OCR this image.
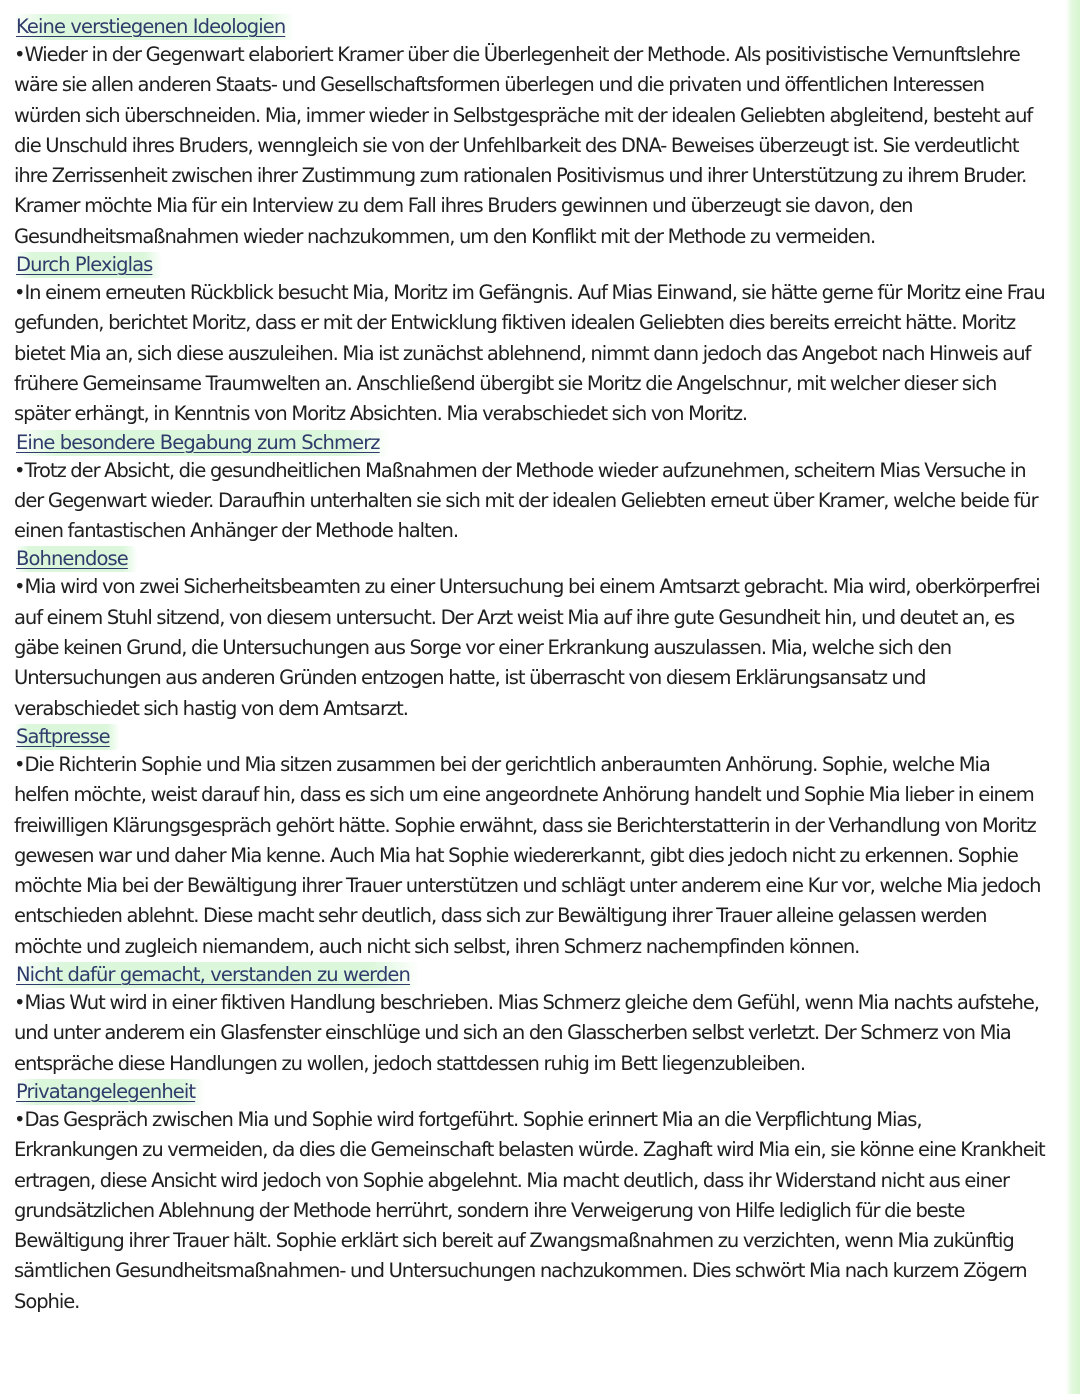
Keine verstiegenen Ideologien

•Wieder in der Gegenwart elaboriert Kramer über die Überlegenheit der Methode. Als positivistische Vernunftslehre wäre sie allen anderen Staats- und Gesellschaftsformen überlegen und die privaten und öffentlichen Interessen würden sich überschneiden. Mia, immer wieder in Selbstgespräche mit der idealen Geliebten abgleitend, besteht auf die Unschuld ihres Bruders, wenngleich sie von der Unfehlbarkeit des DNA- Beweises überzeugt ist. Sie verdeutlicht ihre Zerrissenheit zwischen ihrer Zustimmung zum rationalen Positivismus und ihrer Unterstützung zu ihrem Bruder. Kramer möchte Mia für ein Interview zu dem Fall ihres Bruders gewinnen und überzeugt sie davon, den Gesundheitsmaßnahmen wieder nachzukommen, um den Konflikt mit der Methode zu vermeiden.

Durch Plexiglas

•In einem erneuten Rückblick besucht Mia, Moritz im Gefängnis. Auf Mias Einwand, sie hätte gerne für Moritz eine Frau gefunden, berichtet Moritz, dass er mit der Entwicklung fiktiven idealen Geliebten dies bereits erreicht hätte. Moritz bietet Mia an, sich diese auszuleihen. Mia ist zunächst ablehnend, nimmt dann jedoch das Angebot nach Hinweis auf frühere Gemeinsame Traumwelten an. Anschließend übergibt sie Moritz die Angelschnur, mit welcher dieser sich später erhängt, in Kenntnis von Moritz Absichten. Mia verabschiedet sich von Moritz.

Eine besondere Begabung zum Schmerz

•Trotz der Absicht, die gesundheitlichen Maßnahmen der Methode wieder aufzunehmen, scheitern Mias Versuche in der Gegenwart wieder. Daraufhin unterhalten sie sich mit der idealen Geliebten erneut über Kramer, welche beide für einen fantastischen Anhänger der Methode halten.

Bohnendose

•Mia wird von zwei Sicherheitsbeamten zu einer Untersuchung bei einem Amtsarzt gebracht. Mia wird, oberkörperfrei auf einem Stuhl sitzend, von diesem untersucht. Der Arzt weist Mia auf ihre gute Gesundheit hin, und deutet an, es gäbe keinen Grund, die Untersuchungen aus Sorge vor einer Erkrankung auszulassen. Mia, welche sich den Untersuchungen aus anderen Gründen entzogen hatte, ist überrascht von diesem Erklärungsansatz und verabschiedet sich hastig von dem Amtsarzt.

Saftpresse

•Die Richterin Sophie und Mia sitzen zusammen bei der gerichtlich anberaumten Anhörung. Sophie, welche Mia helfen möchte, weist darauf hin, dass es sich um eine angeordnete Anhörung handelt und Sophie Mia lieber in einem freiwilligen Klärungsgespräch gehört hätte. Sophie erwähnt, dass sie Berichterstatterin in der Verhandlung von Moritz gewesen war und daher Mia kenne. Auch Mia hat Sophie wiedererkannt, gibt dies jedoch nicht zu erkennen. Sophie möchte Mia bei der Bewältigung ihrer Trauer unterstützen und schlägt unter anderem eine Kur vor, welche Mia jedoch entschieden ablehnt. Diese macht sehr deutlich, dass sich zur Bewältigung ihrer Trauer alleine gelassen werden möchte und zugleich niemandem, auch nicht sich selbst, ihren Schmerz nachempfinden können.

Nicht dafür gemacht, verstanden zu werden

•Mias Wut wird in einer fiktiven Handlung beschrieben. Mias Schmerz gleiche dem Gefühl, wenn Mia nachts aufstehe, und unter anderem ein Glasfenster einschlüge und sich an den Glasscherben selbst verletzt. Der Schmerz von Mia entspräche diese Handlungen zu wollen, jedoch stattdessen ruhig im Bett liegenzubleiben.

Privatangelegenheit

•Das Gespräch zwischen Mia und Sophie wird fortgeführt. Sophie erinnert Mia an die Verpflichtung Mias, Erkrankungen zu vermeiden, da dies die Gemeinschaft belasten würde. Zaghaft wird Mia ein, sie könne eine Krankheit ertragen, diese Ansicht wird jedoch von Sophie abgelehnt. Mia macht deutlich, dass ihr Widerstand nicht aus einer grundsätzlichen Ablehnung der Methode herrührt, sondern ihre Verweigerung von Hilfe lediglich für die beste Bewältigung ihrer Trauer hält. Sophie erklärt sich bereit auf Zwangsmaßnahmen zu verzichten, wenn Mia zukünftig sämtlichen Gesundheitsmaßnahmen- und Untersuchungen nachzukommen. Dies schwört Mia nach kurzem Zögern Sophie.
